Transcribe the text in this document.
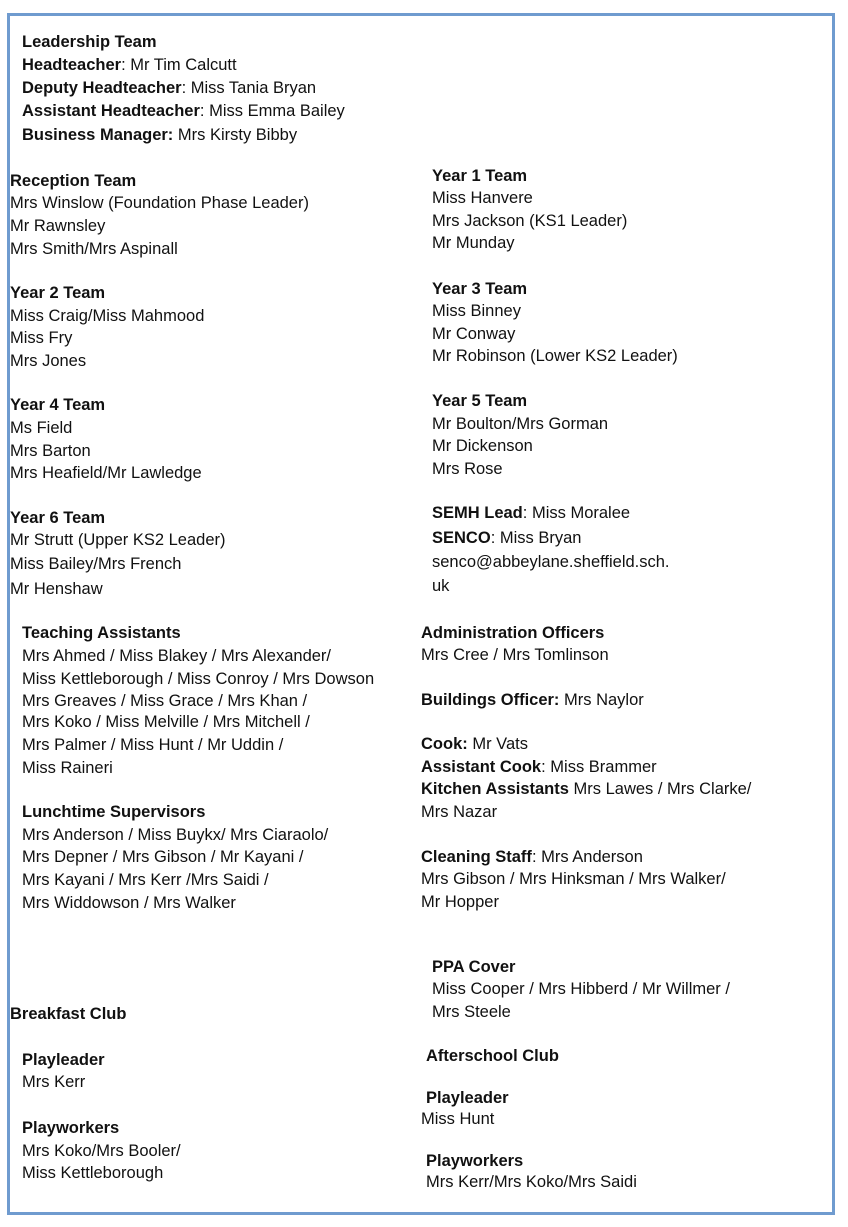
Leadership Team
Headteacher: Mr Tim Calcutt
Deputy Headteacher: Miss Tania Bryan
Assistant Headteacher: Miss Emma Bailey
Business Manager: Mrs Kirsty Bibby
Reception Team
Mrs Winslow (Foundation Phase Leader)
Mr Rawnsley
Mrs Smith/Mrs Aspinall
Year 1 Team
Miss Hanvere
Mrs Jackson (KS1 Leader)
Mr Munday
Year 2 Team
Miss Craig/Miss Mahmood
Miss Fry
Mrs Jones
Year 3 Team
Miss Binney
Mr Conway
Mr Robinson (Lower KS2 Leader)
Year 4 Team
Ms Field
Mrs Barton
Mrs Heafield/Mr Lawledge
Year 5 Team
Mr Boulton/Mrs Gorman
Mr Dickenson
Mrs Rose
Year 6 Team
Mr Strutt (Upper KS2 Leader)
Miss Bailey/Mrs French
Mr Henshaw
SEMH Lead: Miss Moralee
SENCO: Miss Bryan
senco@abbeylane.sheffield.sch.
uk
Teaching Assistants
Mrs Ahmed / Miss Blakey / Mrs Alexander/
Miss Kettleborough / Miss Conroy / Mrs Dowson
Mrs Greaves / Miss Grace / Mrs Khan /
Mrs Koko / Miss Melville / Mrs Mitchell /
Mrs Palmer / Miss Hunt / Mr Uddin /
Miss Raineri
Administration Officers
Mrs Cree / Mrs Tomlinson
Buildings Officer: Mrs Naylor
Cook: Mr Vats
Assistant Cook: Miss Brammer
Kitchen Assistants Mrs Lawes / Mrs Clarke/
Mrs Nazar
Lunchtime Supervisors
Mrs Anderson / Miss Buykx/ Mrs Ciaraolo/
Mrs Depner / Mrs Gibson / Mr Kayani /
Mrs Kayani / Mrs Kerr /Mrs Saidi /
Mrs Widdowson / Mrs Walker
Cleaning Staff: Mrs Anderson
Mrs Gibson / Mrs Hinksman / Mrs Walker/
Mr Hopper
PPA Cover
Miss Cooper / Mrs Hibberd / Mr Willmer /
Mrs Steele
Breakfast Club
Playleader
Mrs Kerr
Playworkers
Mrs Koko/Mrs Booler/
Miss Kettleborough
Afterschool Club
Playleader
Miss Hunt
Playworkers
Mrs Kerr/Mrs Koko/Mrs Saidi
